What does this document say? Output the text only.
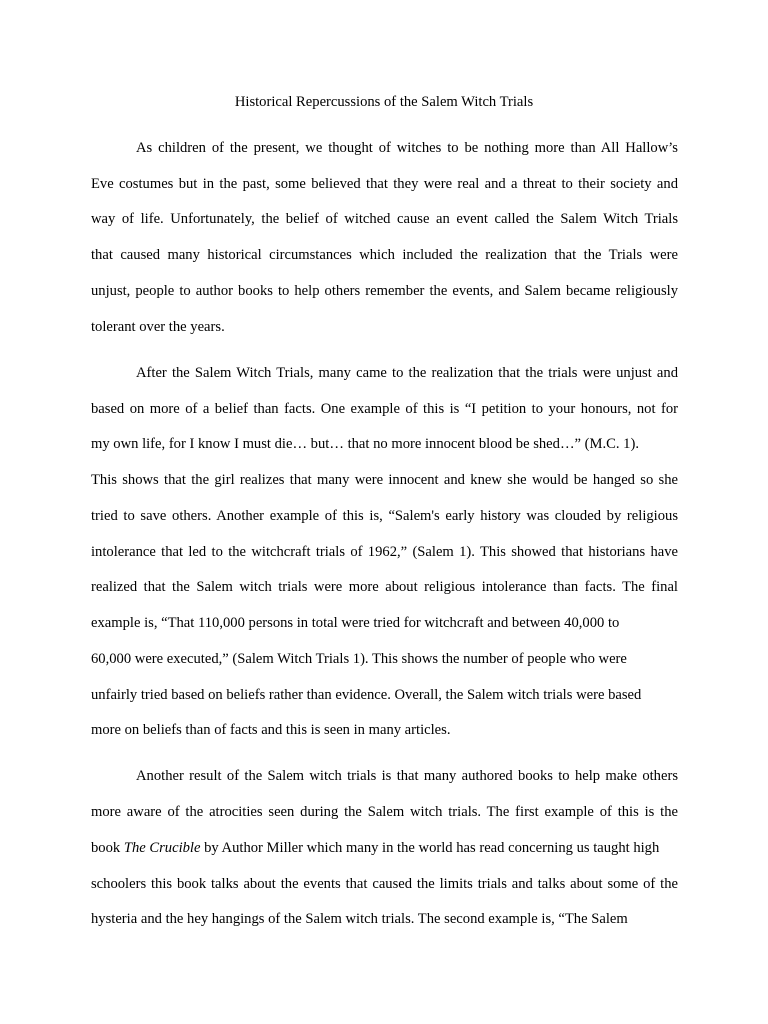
Historical Repercussions of the Salem Witch Trials
As children of the present, we thought of witches to be nothing more than All Hallow’s
Eve costumes but in the past, some believed that they were real and a threat to their society and
way of life. Unfortunately, the belief of witched cause an event called the Salem Witch Trials
that caused many historical circumstances which included the realization that the Trials were
unjust, people to author books to help others remember the events, and Salem became religiously
tolerant over the years.
After the Salem Witch Trials, many came to the realization that the trials were unjust and
based on more of a belief than facts. One example of this is “I petition to your honours, not for
my own life, for I know I must die… but… that no more innocent blood be shed…” (M.C. 1).
This shows that the girl realizes that many were innocent and knew she would be hanged so she
tried to save others. Another example of this is, “Salem's early history was clouded by religious
intolerance that led to the witchcraft trials of 1962,” (Salem 1). This showed that historians have
realized that the Salem witch trials were more about religious intolerance than facts. The final
example is, “That 110,000 persons in total were tried for witchcraft and between 40,000 to
60,000 were executed,” (Salem Witch Trials 1). This shows the number of people who were
unfairly tried based on beliefs rather than evidence. Overall, the Salem witch trials were based
more on beliefs than of facts and this is seen in many articles.
Another result of the Salem witch trials is that many authored books to help make others
more aware of the atrocities seen during the Salem witch trials. The first example of this is the
book The Crucible by Author Miller which many in the world has read concerning us taught high
schoolers this book talks about the events that caused the limits trials and talks about some of the
hysteria and the hey hangings of the Salem witch trials. The second example is, “The Salem
